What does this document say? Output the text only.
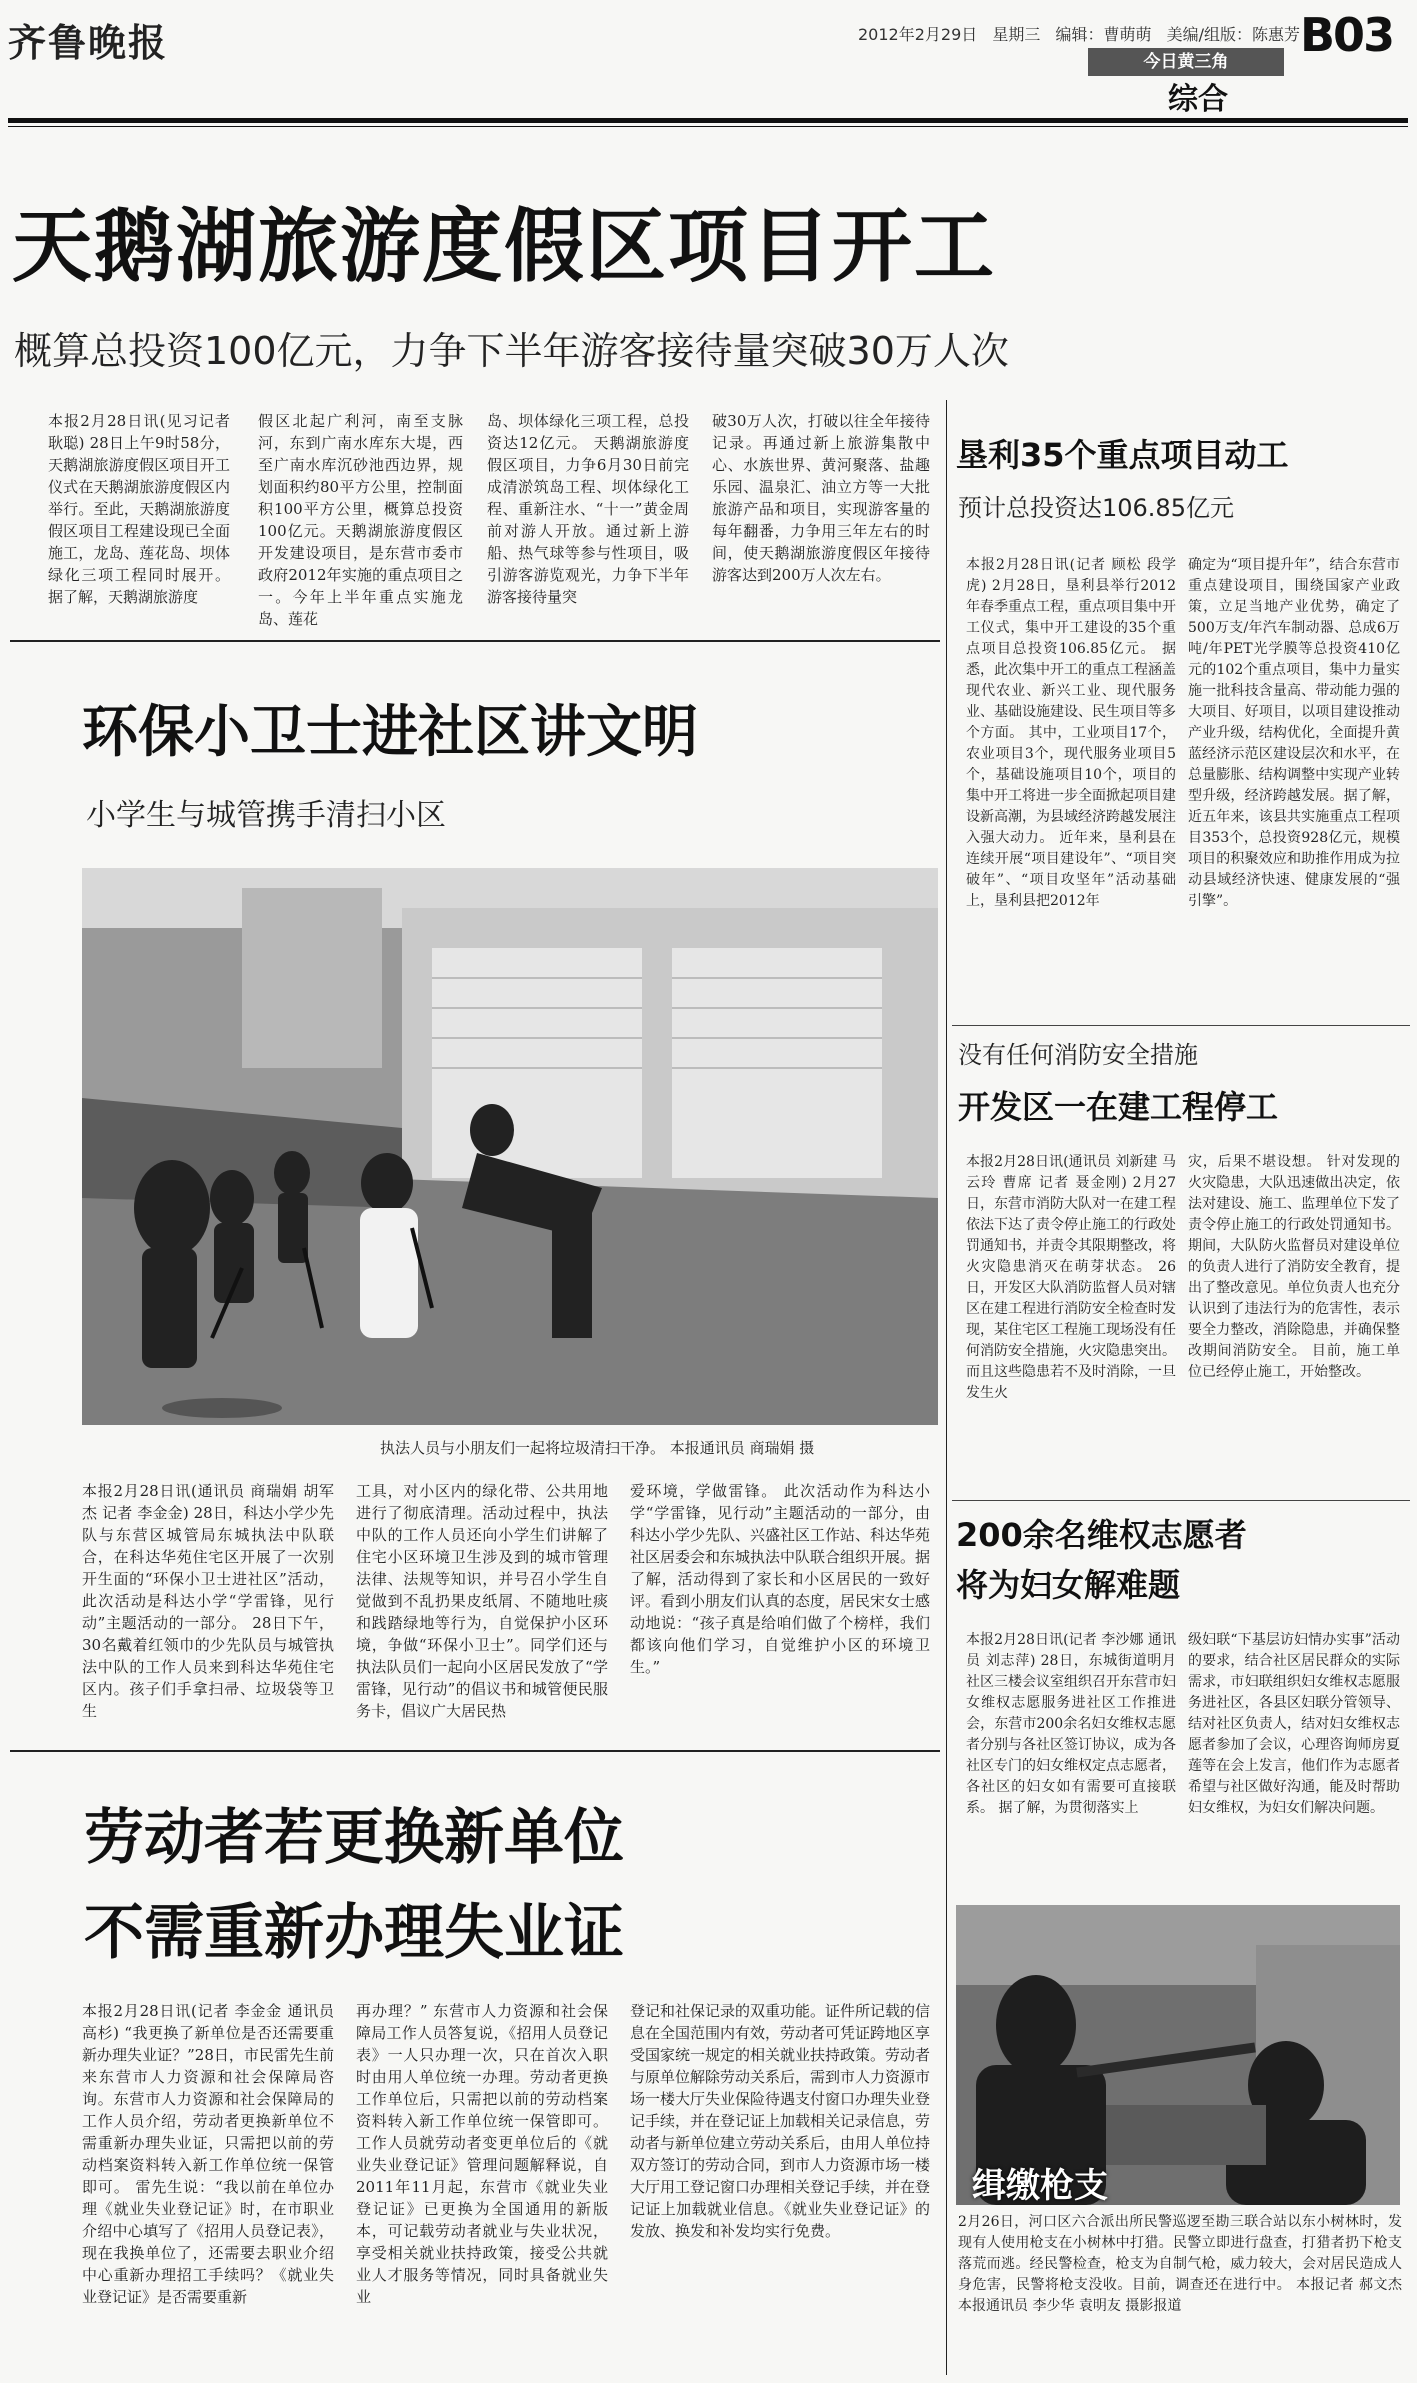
齐鲁晚报	2012年2月29日 星期三 编辑：曹萌萌 美编/组版：陈惠芳 B03
今日黄三角
综合
天鹅湖旅游度假区项目开工
概算总投资100亿元，力争下半年游客接待量突破30万人次
本报2月28日讯(见习记者 耿聪) 28日上午9时58分，天鹅湖旅游度假区项目开工仪式在天鹅湖旅游度假区内举行。至此，天鹅湖旅游度假区项目工程建设现已全面施工，龙岛、莲花岛、坝体绿化三项工程同时展开。 据了解，天鹅湖旅游度
假区北起广利河，南至支脉河，东到广南水库东大堤，西至广南水库沉砂池西边界，规划面积约80平方公里，控制面积100平方公里，概算总投资100亿元。天鹅湖旅游度假区开发建设项目，是东营市委市政府2012年实施的重点项目之一。今年上半年重点实施龙岛、莲花
岛、坝体绿化三项工程，总投资达12亿元。 天鹅湖旅游度假区项目，力争6月30日前完成清淤筑岛工程、坝体绿化工程、重新注水、“十一”黄金周前对游人开放。通过新上游船、热气球等参与性项目，吸引游客游览观光，力争下半年游客接待量突
破30万人次，打破以往全年接待记录。再通过新上旅游集散中心、水族世界、黄河聚落、盐趣乐园、温泉汇、油立方等一大批旅游产品和项目，实现游客量的每年翻番，力争用三年左右的时间，使天鹅湖旅游度假区年接待游客达到200万人次左右。
环保小卫士进社区讲文明
小学生与城管携手清扫小区
执法人员与小朋友们一起将垃圾清扫干净。 本报通讯员 商瑞娟 摄
本报2月28日讯(通讯员 商瑞娟 胡军杰 记者 李金金) 28日，科达小学少先队与东营区城管局东城执法中队联合，在科达华苑住宅区开展了一次别开生面的“环保小卫士进社区”活动，此次活动是科达小学“学雷锋，见行动”主题活动的一部分。 28日下午，30名戴着红领巾的少先队员与城管执法中队的工作人员来到科达华苑住宅区内。孩子们手拿扫帚、垃圾袋等卫生
工具，对小区内的绿化带、公共用地进行了彻底清理。活动过程中，执法中队的工作人员还向小学生们讲解了住宅小区环境卫生涉及到的城市管理法律、法规等知识，并号召小学生自觉做到不乱扔果皮纸屑、不随地吐痰和践踏绿地等行为，自觉保护小区环境，争做“环保小卫士”。同学们还与执法队员们一起向小区居民发放了“学雷锋，见行动”的倡议书和城管便民服务卡，倡议广大居民热
爱环境，学做雷锋。 此次活动作为科达小学“学雷锋，见行动”主题活动的一部分，由科达小学少先队、兴盛社区工作站、科达华苑社区居委会和东城执法中队联合组织开展。据了解，活动得到了家长和小区居民的一致好评。看到小朋友们认真的态度，居民宋女士感动地说：“孩子真是给咱们做了个榜样，我们都该向他们学习，自觉维护小区的环境卫生。”
劳动者若更换新单位
不需重新办理失业证
本报2月28日讯(记者 李金金 通讯员 高杉) “我更换了新单位是否还需要重新办理失业证？”28日，市民雷先生前来东营市人力资源和社会保障局咨询。东营市人力资源和社会保障局的工作人员介绍，劳动者更换新单位不需重新办理失业证，只需把以前的劳动档案资料转入新工作单位统一保管即可。 雷先生说：“我以前在单位办理《就业失业登记证》时，在市职业介绍中心填写了《招用人员登记表》，现在我换单位了，还需要去职业介绍中心重新办理招工手续吗？《就业失业登记证》是否需要重新
再办理？” 东营市人力资源和社会保障局工作人员答复说，《招用人员登记表》一人只办理一次，只在首次入职时由用人单位统一办理。劳动者更换工作单位后，只需把以前的劳动档案资料转入新工作单位统一保管即可。 工作人员就劳动者变更单位后的《就业失业登记证》管理问题解释说，自2011年11月起，东营市《就业失业登记证》已更换为全国通用的新版本，可记载劳动者就业与失业状况，享受相关就业扶持政策，接受公共就业人才服务等情况，同时具备就业失业
登记和社保记录的双重功能。证件所记载的信息在全国范围内有效，劳动者可凭证跨地区享受国家统一规定的相关就业扶持政策。劳动者与原单位解除劳动关系后，需到市人力资源市场一楼大厅失业保险待遇支付窗口办理失业登记手续，并在登记证上加载相关记录信息，劳动者与新单位建立劳动关系后，由用人单位持双方签订的劳动合同，到市人力资源市场一楼大厅用工登记窗口办理相关登记手续，并在登记证上加载就业信息。《就业失业登记证》的发放、换发和补发均实行免费。
垦利35个重点项目动工
预计总投资达106.85亿元
本报2月28日讯(记者 顾松 段学虎) 2月28日，垦利县举行2012年春季重点工程，重点项目集中开工仪式，集中开工建设的35个重点项目总投资106.85亿元。 据悉，此次集中开工的重点工程涵盖现代农业、新兴工业、现代服务业、基础设施建设、民生项目等多个方面。 其中，工业项目17个，农业项目3个，现代服务业项目5个，基础设施项目10个，项目的集中开工将进一步全面掀起项目建设新高潮，为县域经济跨越发展注入强大动力。 近年来，垦利县在连续开展“项目建设年”、“项目突破年”、“项目攻坚年”活动基础上，垦利县把2012年
确定为“项目提升年”，结合东营市重点建设项目，围绕国家产业政策，立足当地产业优势，确定了500万支/年汽车制动器、总成6万吨/年PET光学膜等总投资410亿元的102个重点项目，集中力量实施一批科技含量高、带动能力强的大项目、好项目，以项目建设推动产业升级，结构优化，全面提升黄蓝经济示范区建设层次和水平，在总量膨胀、结构调整中实现产业转型升级，经济跨越发展。据了解，近五年来，该县共实施重点工程项目353个，总投资928亿元，规模项目的积聚效应和助推作用成为拉动县域经济快速、健康发展的“强引擎”。
没有任何消防安全措施
开发区一在建工程停工
本报2月28日讯(通讯员 刘新建 马云玲 曹席 记者 聂金刚) 2月27日，东营市消防大队对一在建工程依法下达了责令停止施工的行政处罚通知书，并责令其限期整改，将火灾隐患消灭在萌芽状态。 26日，开发区大队消防监督人员对辖区在建工程进行消防安全检查时发现，某住宅区工程施工现场没有任何消防安全措施，火灾隐患突出。而且这些隐患若不及时消除，一旦发生火
灾，后果不堪设想。 针对发现的火灾隐患，大队迅速做出决定，依法对建设、施工、监理单位下发了责令停止施工的行政处罚通知书。期间，大队防火监督员对建设单位的负责人进行了消防安全教育，提出了整改意见。单位负责人也充分认识到了违法行为的危害性，表示要全力整改，消除隐患，并确保整改期间消防安全。 目前，施工单位已经停止施工，开始整改。
200余名维权志愿者
将为妇女解难题
本报2月28日讯(记者 李沙娜 通讯员 刘志萍) 28日，东城街道明月社区三楼会议室组织召开东营市妇女维权志愿服务进社区工作推进会，东营市200余名妇女维权志愿者分别与各社区签订协议，成为各社区专门的妇女维权定点志愿者，各社区的妇女如有需要可直接联系。 据了解，为贯彻落实上
级妇联“下基层访妇情办实事”活动的要求，结合社区居民群众的实际需求，市妇联组织妇女维权志愿服务进社区，各县区妇联分管领导、结对社区负责人，结对妇女维权志愿者参加了会议，心理咨询师房夏莲等在会上发言，他们作为志愿者希望与社区做好沟通，能及时帮助妇女维权，为妇女们解决问题。
缉缴枪支
2月26日，河口区六合派出所民警巡逻至勘三联合站以东小树林时，发现有人使用枪支在小树林中打猎。民警立即进行盘查，打猎者扔下枪支落荒而逃。经民警检查，枪支为自制气枪，威力较大，会对居民造成人身危害，民警将枪支没收。目前，调查还在进行中。 本报记者 郝文杰 本报通讯员 李少华 袁明友 摄影报道
